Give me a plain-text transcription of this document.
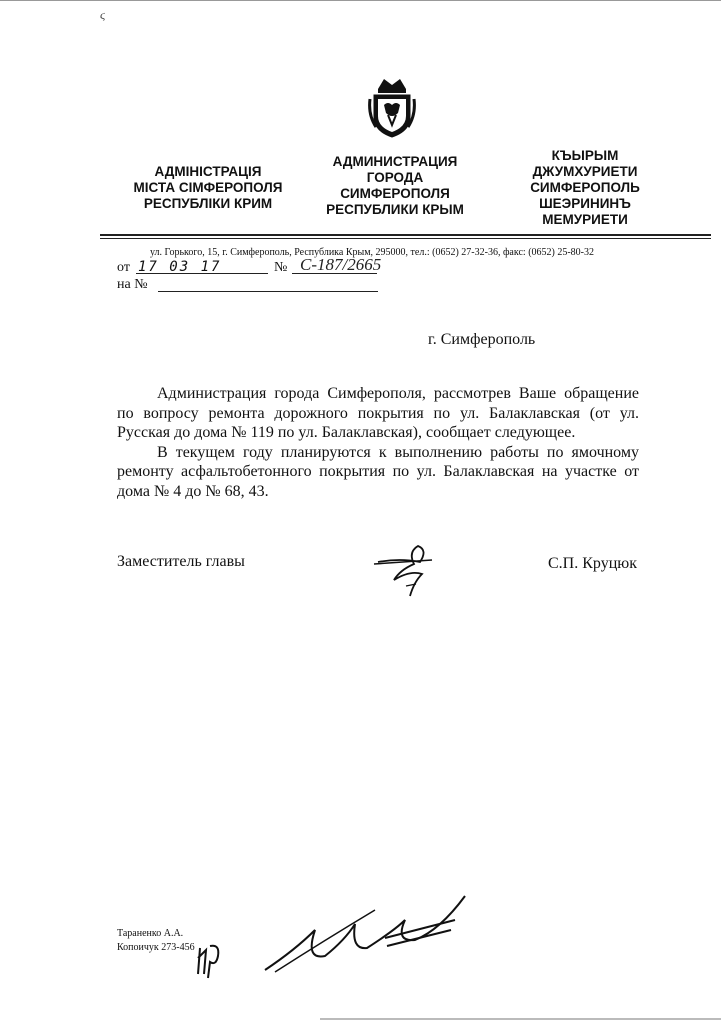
ϛ
АДМІНІСТРАЦІЯ
МІСТА СІМФЕРОПОЛЯ
РЕСПУБЛІКИ КРИМ
АДМИНИСТРАЦИЯ
ГОРОДА
СИМФЕРОПОЛЯ
РЕСПУБЛИКИ КРЫМ
КЪЫРЫМ
ДЖУМХУРИЕТИ
СИМФЕРОПОЛЬ
ШЕЭРИНИНЪ
МЕМУРИЕТИ
ул. Горького, 15, г. Симферополь, Республика Крым, 295000, тел.: (0652) 27-32-36, факс: (0652) 25-80-32
от 17 03 17	№ С-187/2665
на №
г. Симферополь

Администрация города Симферополя, рассмотрев Ваше обращение по вопросу ремонта дорожного покрытия по ул. Балаклавская (от ул. Русская до дома № 119 по ул. Балаклавская), сообщает следующее.

В текущем году планируются к выполнению работы по ямочному ремонту асфальтобетонного покрытия по ул. Балаклавская на участке от дома № 4 до № 68, 43.

Заместитель главы	С.П. Круцюк
Тараненко А.А.
Копоичук 273-456
